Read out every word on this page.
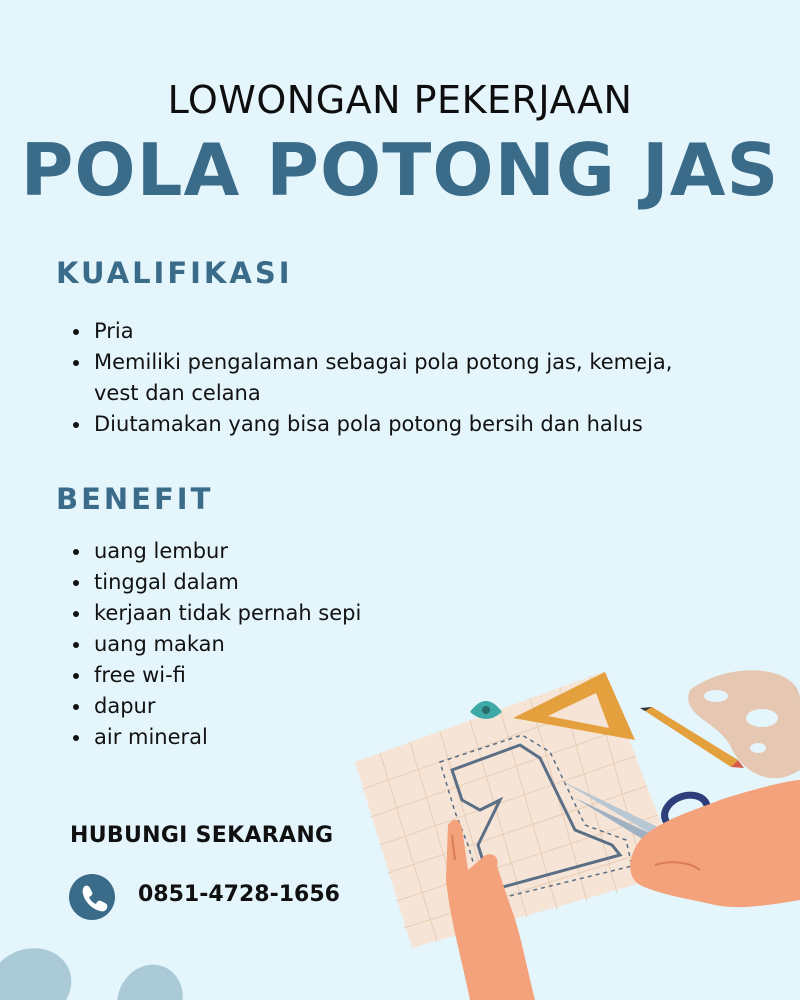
LOWONGAN PEKERJAAN
POLA POTONG JAS
KUALIFIKASI
• Pria
• Memiliki pengalaman sebagai pola potong jas, kemeja, vest dan celana
• Diutamakan yang bisa pola potong bersih dan halus
BENEFIT
• uang lembur
• tinggal dalam
• kerjaan tidak pernah sepi
• uang makan
• free wi-fi
• dapur
• air mineral
HUBUNGI SEKARANG
0851-4728-1656
